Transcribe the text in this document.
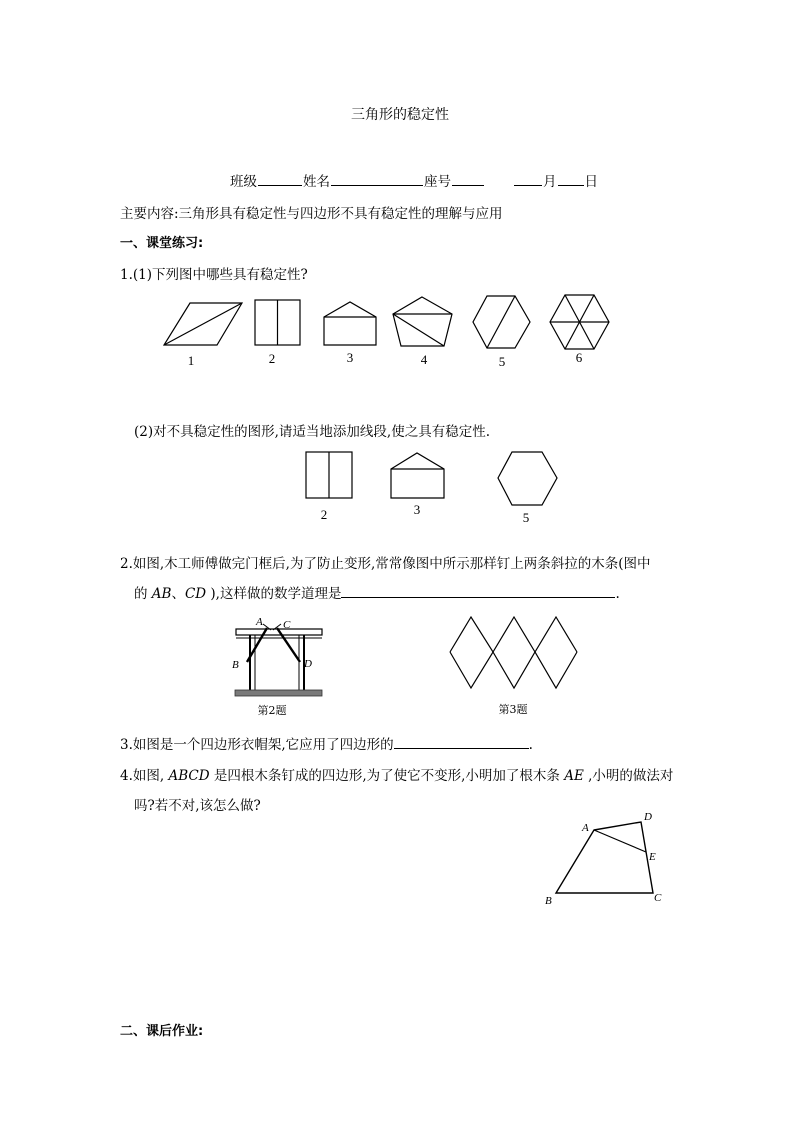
三角形的稳定性
班级	姓名	座号	月 日
主要内容:三角形具有稳定性与四边形不具有稳定性的理解与应用
一、课堂练习:
1.(1)下列图中哪些具有稳定性?
1	2	3	4	5	6
(2)对不具稳定性的图形,请适当地添加线段,使之具有稳定性.
2	3
5
2.如图,木工师傅做完门框后,为了防止变形,常常像图中所示那样钉上两条斜拉的木条(图中
的 AB、CD ),这样做的数学道理是	.
A C
B	D
第2题	第3题
3.如图是一个四边形衣帽架,它应用了四边形的	.
4.如图, ABCD 是四根木条钉成的四边形,为了使它不变形,小明加了根木条 AE ,小明的做法对
吗?若不对,该怎么做?
A
D
E
B	C
二、课后作业:
